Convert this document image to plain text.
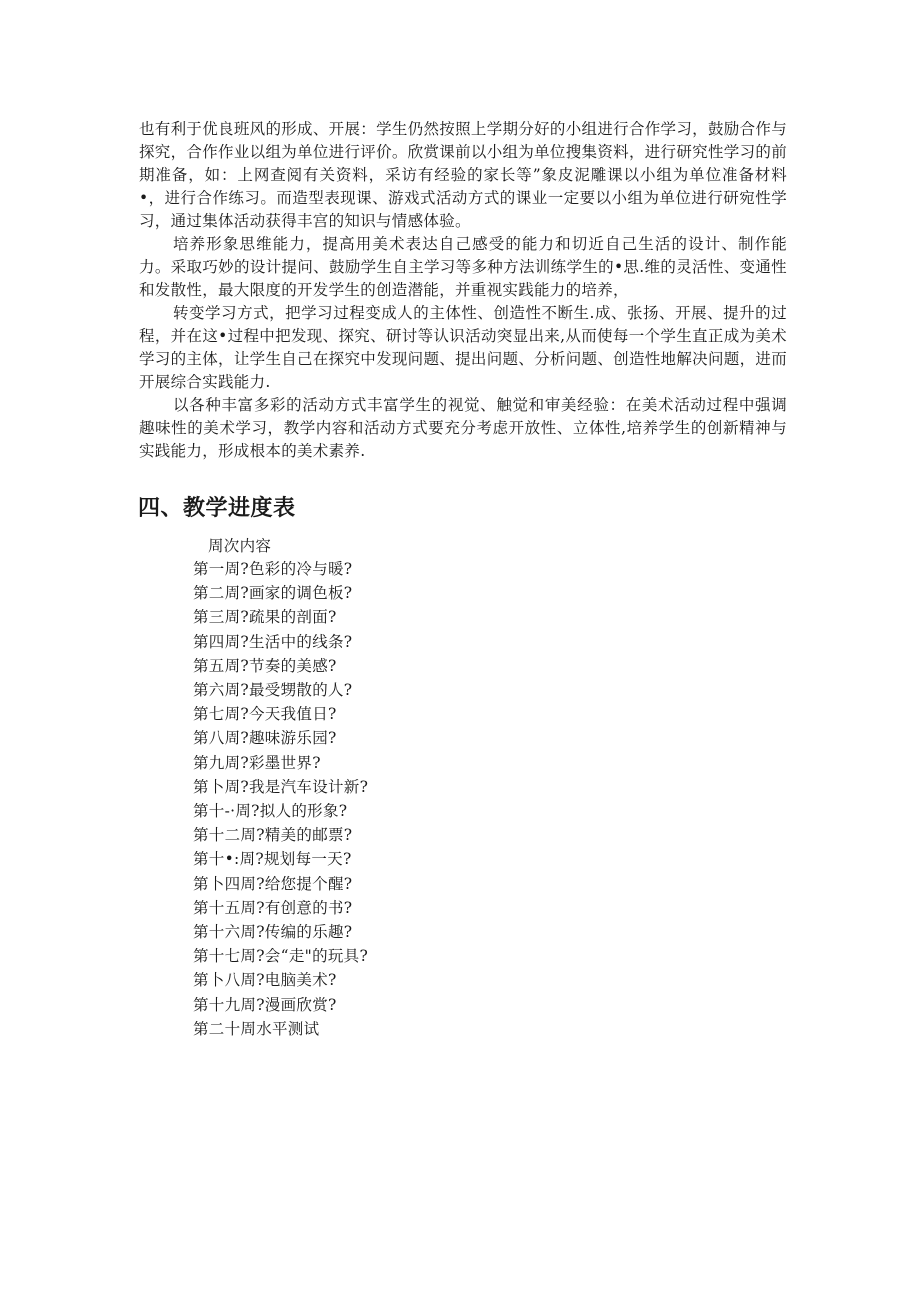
也有利于优良班风的形成、开展：学生仍然按照上学期分好的小组进行合作学习，鼓励合作与探究，合作作业以组为单位进行评价。欣赏课前以小组为单位搜集资料，进行研究性学习的前期准备，如：上网查阅有关资料，采访有经验的家长等”象皮泥雕课以小组为单位准备材料•，进行合作练习。而造型表现课、游戏式活动方式的课业一定要以小组为单位进行研宛性学习，通过集体活动获得丰宫的知识与情感体验。

培养形象思维能力，提高用美术表达自己感受的能力和切近自己生活的设计、制作能力。采取巧妙的设计提问、鼓励学生自主学习等多种方法训练学生的•思.维的灵活性、变通性和发散性，最大限度的开发学生的创造潜能，并重视实践能力的培养，

转变学习方式，把学习过程变成人的主体性、创造性不断生.成、张扬、开展、提升的过程，并在这•过程中把发现、探究、研讨等认识活动突显出来,从而使每一个学生直正成为美术学习的主体，让学生自己在探究中发现问题、提出问题、分析问题、创造性地解决问题，进而开展综合实践能力.

以各种丰富多彩的活动方式丰富学生的视觉、触觉和审美经验：在美术活动过程中强调趣味性的美术学习，教学内容和活动方式要充分考虑开放性、立体性,培养学生的创新精神与实践能力，形成根本的美术素养.

四、教学进度表
周次内容
第一周?色彩的冷与暖?
第二周?画家的调色板?
第三周?疏果的剖面?
第四周?生活中的线条?
第五周?节奏的美感?
第六周?最受甥散的人?
第七周?今天我值日?
第八周?趣味游乐园?
第九周?彩墨世界?
第卜周?我是汽车设计新?
第十-·周?拟人的形象?
第十二周?精美的邮票?
第十•:周?规划每一天?
第卜四周?给您提个醒?
第十五周?有创意的书?
第十六周?传编的乐趣?
第十七周?会“走"的玩具?
第卜八周?电脑美术?
第十九周?漫画欣赏?
第二十周水平测试
